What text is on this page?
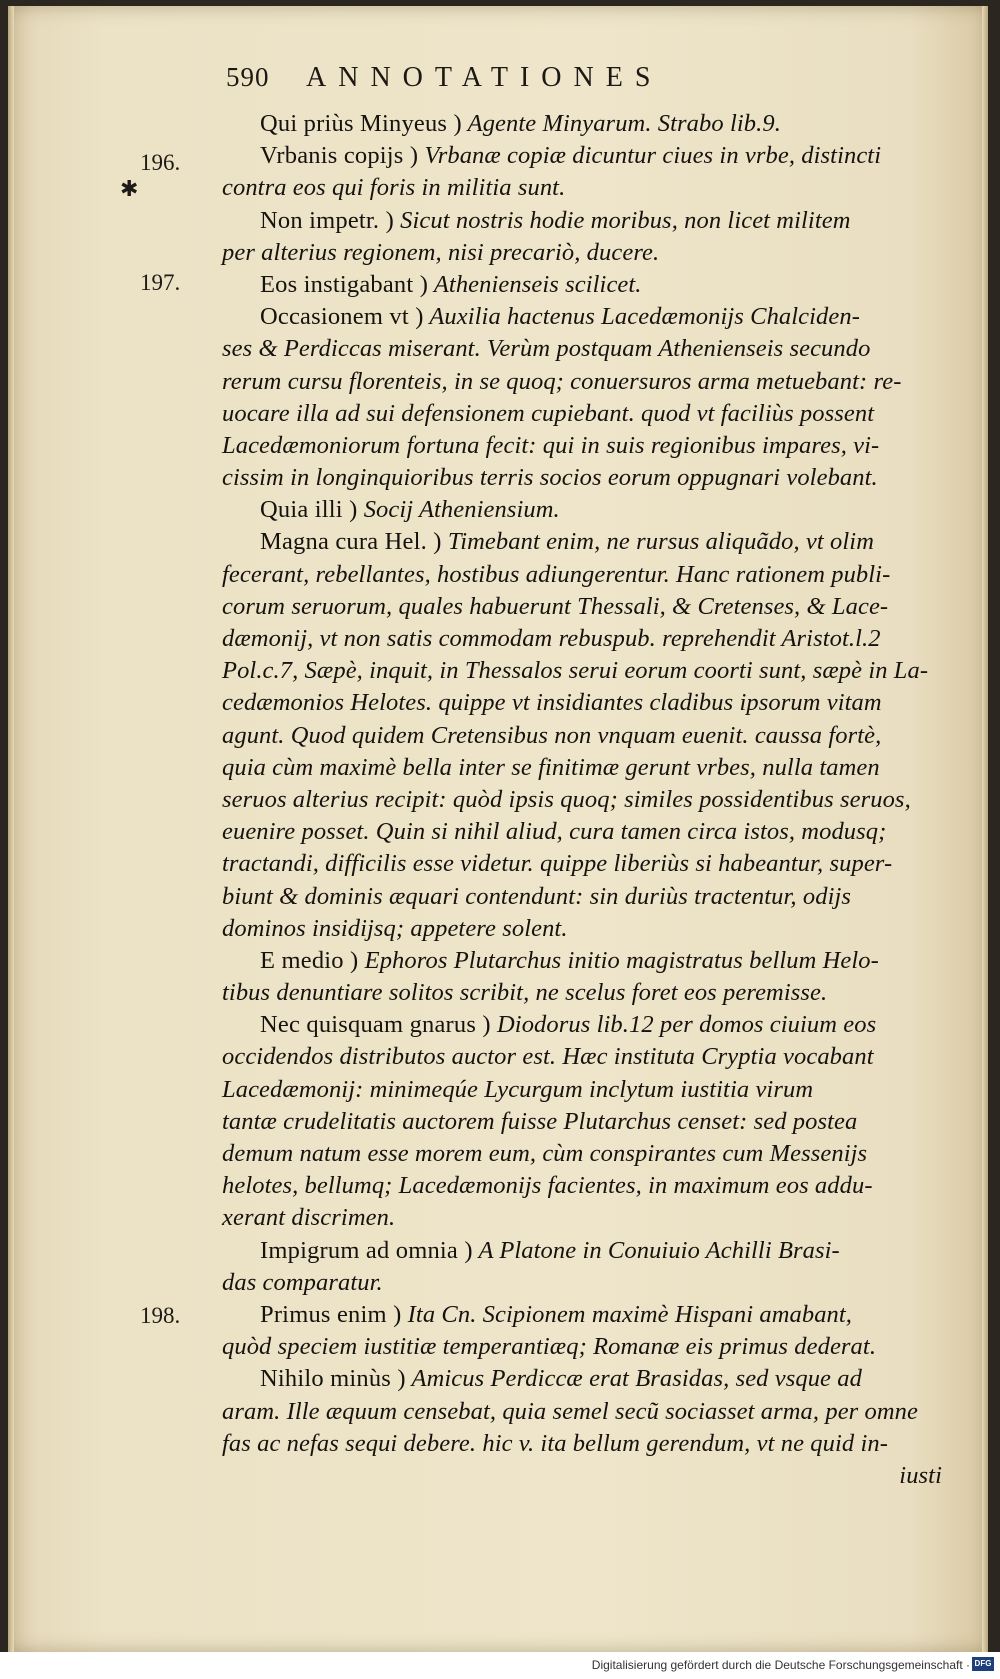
590	ANNOTATIONES
196.
✱
197.
198.
Qui priùs Minyeus ) Agente Minyarum. Strabo lib.9.
Vrbanis copijs ) Vrbanæ copiæ dicuntur ciues in vrbe, distincti
contra eos qui foris in militia sunt.
Non impetr. ) Sicut nostris hodie moribus, non licet militem
per alterius regionem, nisi precariò, ducere.
Eos instigabant ) Athenienseis scilicet.
Occasionem vt ) Auxilia hactenus Lacedæmonijs Chalciden-
ses & Perdiccas miserant. Verùm postquam Athenienseis secundo
rerum cursu florenteis, in se quoq; conuersuros arma metuebant: re-
uocare illa ad sui defensionem cupiebant. quod vt faciliùs possent
Lacedæmoniorum fortuna fecit: qui in suis regionibus impares, vi-
cissim in longinquioribus terris socios eorum oppugnari volebant.
Quia illi ) Socij Atheniensium.
Magna cura Hel. ) Timebant enim, ne rursus aliquãdo, vt olim
fecerant, rebellantes, hostibus adiungerentur. Hanc rationem publi-
corum seruorum, quales habuerunt Thessali, & Cretenses, & Lace-
dæmonij, vt non satis commodam rebuspub. reprehendit Aristot.l.2
Pol.c.7, Sæpè, inquit, in Thessalos serui eorum coorti sunt, sæpè in La-
cedæmonios Helotes. quippe vt insidiantes cladibus ipsorum vitam
agunt. Quod quidem Cretensibus non vnquam euenit. caussa fortè,
quia cùm maximè bella inter se finitimæ gerunt vrbes, nulla tamen
seruos alterius recipit: quòd ipsis quoq; similes possidentibus seruos,
euenire posset. Quin si nihil aliud, cura tamen circa istos, modusq;
tractandi, difficilis esse videtur. quippe liberiùs si habeantur, super-
biunt & dominis æquari contendunt: sin duriùs tractentur, odijs
dominos insidijsq; appetere solent.
E medio ) Ephoros Plutarchus initio magistratus bellum Helo-
tibus denuntiare solitos scribit, ne scelus foret eos peremisse.
Nec quisquam gnarus ) Diodorus lib.12 per domos ciuium eos
occidendos distributos auctor est. Hæc instituta Cryptia vocabant
Lacedæmonij: minimeqúe Lycurgum inclytum iustitia virum
tantæ crudelitatis auctorem fuisse Plutarchus censet: sed postea
demum natum esse morem eum, cùm conspirantes cum Messenijs
helotes, bellumq; Lacedæmonijs facientes, in maximum eos addu-
xerant discrimen.
Impigrum ad omnia ) A Platone in Conuiuio Achilli Brasi-
das comparatur.
Primus enim ) Ita Cn. Scipionem maximè Hispani amabant,
quòd speciem iustitiæ temperantiæq; Romanæ eis primus dederat.
Nihilo minùs ) Amicus Perdiccæ erat Brasidas, sed vsque ad
aram. Ille æquum censebat, quia semel secũ sociasset arma, per omne
fas ac nefas sequi debere. hic v. ita bellum gerendum, vt ne quid in-
iusti
Digitalisierung gefördert durch die Deutsche Forschungsgemeinschaft · DFG
